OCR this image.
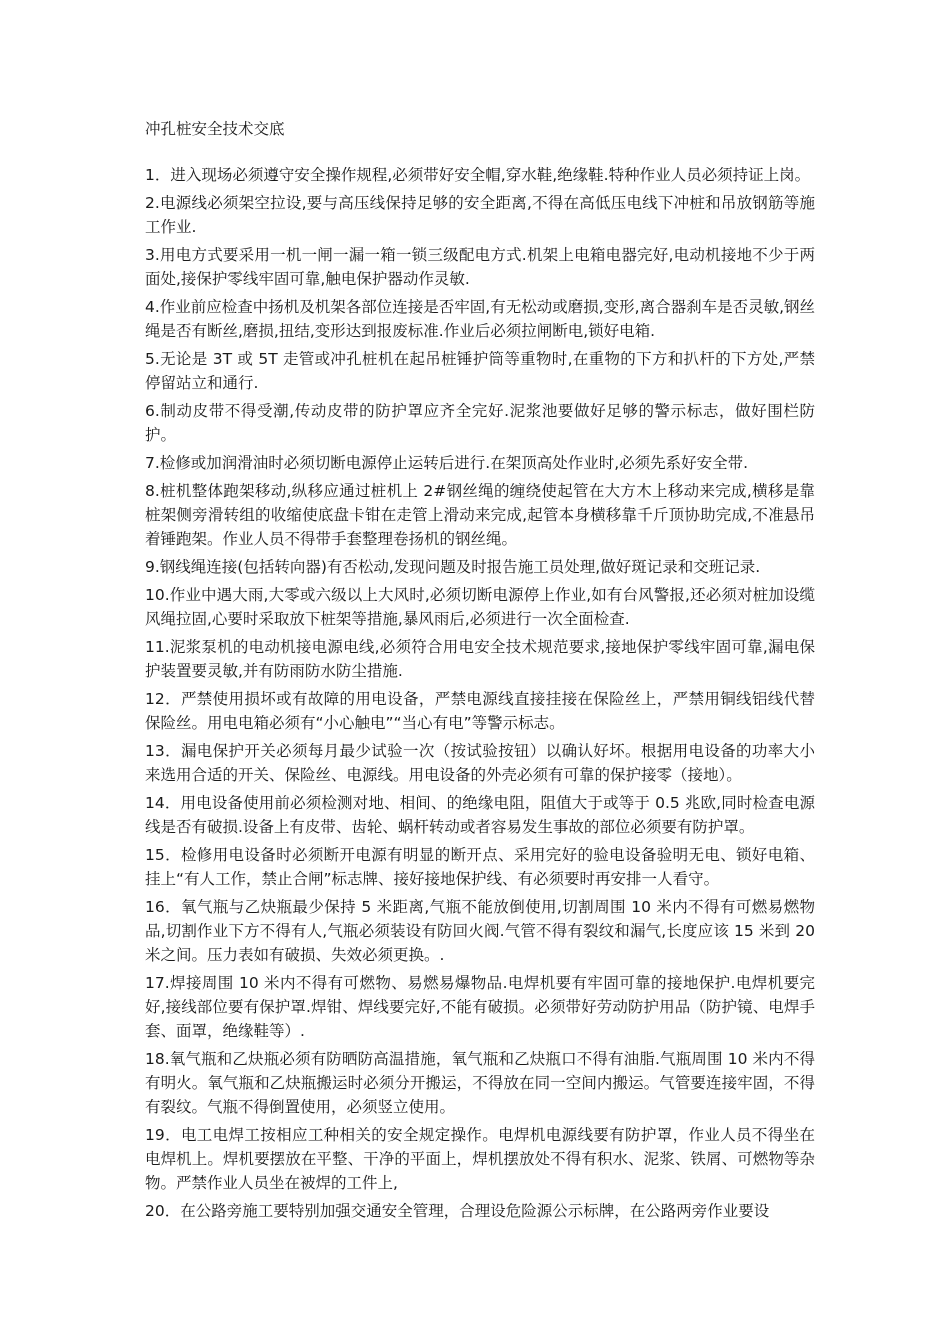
冲孔桩安全技术交底

1．进入现场必须遵守安全操作规程,必须带好安全帽,穿水鞋,绝缘鞋.特种作业人员必须持证上岗。

2.电源线必须架空拉设,要与高压线保持足够的安全距离,不得在高低压电线下冲桩和吊放钢筋等施工作业.

3.用电方式要采用一机一闸一漏一箱一锁三级配电方式.机架上电箱电器完好,电动机接地不少于两面处,接保护零线牢固可靠,触电保护器动作灵敏.

4.作业前应检查中扬机及机架各部位连接是否牢固,有无松动或磨损,变形,离合器刹车是否灵敏,钢丝绳是否有断丝,磨损,扭结,变形达到报废标准.作业后必须拉闸断电,锁好电箱.

5.无论是 3T 或 5T 走管或冲孔桩机在起吊桩锤护筒等重物时,在重物的下方和扒杆的下方处,严禁停留站立和通行.

6.制动皮带不得受潮,传动皮带的防护罩应齐全完好.泥浆池要做好足够的警示标志，做好围栏防护。

7.检修或加润滑油时必须切断电源停止运转后进行.在架顶高处作业时,必须先系好安全带.

8.桩机整体跑架移动,纵移应通过桩机上 2#钢丝绳的缠绕使起管在大方木上移动来完成,横移是靠桩架侧旁滑转组的收缩使底盘卡钳在走管上滑动来完成,起管本身横移靠千斤顶协助完成,不准悬吊着锤跑架。作业人员不得带手套整理卷扬机的钢丝绳。

9.钢线绳连接(包括转向器)有否松动,发现问题及时报告施工员处理,做好斑记录和交班记录.

10.作业中遇大雨,大零或六级以上大风时,必须切断电源停上作业,如有台风警报,还必须对桩加设缆风绳拉固,心要时采取放下桩架等措施,暴风雨后,必须进行一次全面检查.

11.泥浆泵机的电动机接电源电线,必须符合用电安全技术规范要求,接地保护零线牢固可靠,漏电保护装置要灵敏,并有防雨防水防尘措施.

12．严禁使用损坏或有故障的用电设备，严禁电源线直接挂接在保险丝上，严禁用铜线铝线代替保险丝。用电电箱必须有“小心触电”“当心有电”等警示标志。

13．漏电保护开关必须每月最少试验一次（按试验按钮）以确认好坏。根据用电设备的功率大小来选用合适的开关、保险丝、电源线。用电设备的外壳必须有可靠的保护接零（接地）。

14．用电设备使用前必须检测对地、相间、的绝缘电阻，阻值大于或等于 0.5 兆欧,同时检查电源线是否有破损.设备上有皮带、齿轮、蜗杆转动或者容易发生事故的部位必须要有防护罩。

15．检修用电设备时必须断开电源有明显的断开点、采用完好的验电设备验明无电、锁好电箱、挂上“有人工作，禁止合闸”标志牌、接好接地保护线、有必须要时再安排一人看守。

16．氧气瓶与乙炔瓶最少保持 5 米距离,气瓶不能放倒使用,切割周围 10 米内不得有可燃易燃物品,切割作业下方不得有人,气瓶必须装设有防回火阀.气管不得有裂纹和漏气,长度应该 15 米到 20 米之间。压力表如有破损、失效必须更换。.

17.焊接周围 10 米内不得有可燃物、易燃易爆物品.电焊机要有牢固可靠的接地保护.电焊机要完好,接线部位要有保护罩.焊钳、焊线要完好,不能有破损。必须带好劳动防护用品（防护镜、电焊手套、面罩，绝缘鞋等）.

18.氧气瓶和乙炔瓶必须有防晒防高温措施，氧气瓶和乙炔瓶口不得有油脂.气瓶周围 10 米内不得有明火。氧气瓶和乙炔瓶搬运时必须分开搬运，不得放在同一空间内搬运。气管要连接牢固，不得有裂纹。气瓶不得倒置使用，必须竖立使用。

19．电工电焊工按相应工种相关的安全规定操作。电焊机电源线要有防护罩，作业人员不得坐在电焊机上。焊机要摆放在平整、干净的平面上，焊机摆放处不得有积水、泥浆、铁屑、可燃物等杂物。严禁作业人员坐在被焊的工件上,

20．在公路旁施工要特别加强交通安全管理，合理设危险源公示标牌，在公路两旁作业要设
